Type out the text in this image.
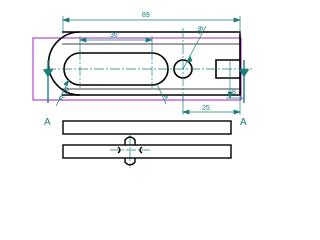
A	A
89
36
⌀8
R 10	4
25
8
